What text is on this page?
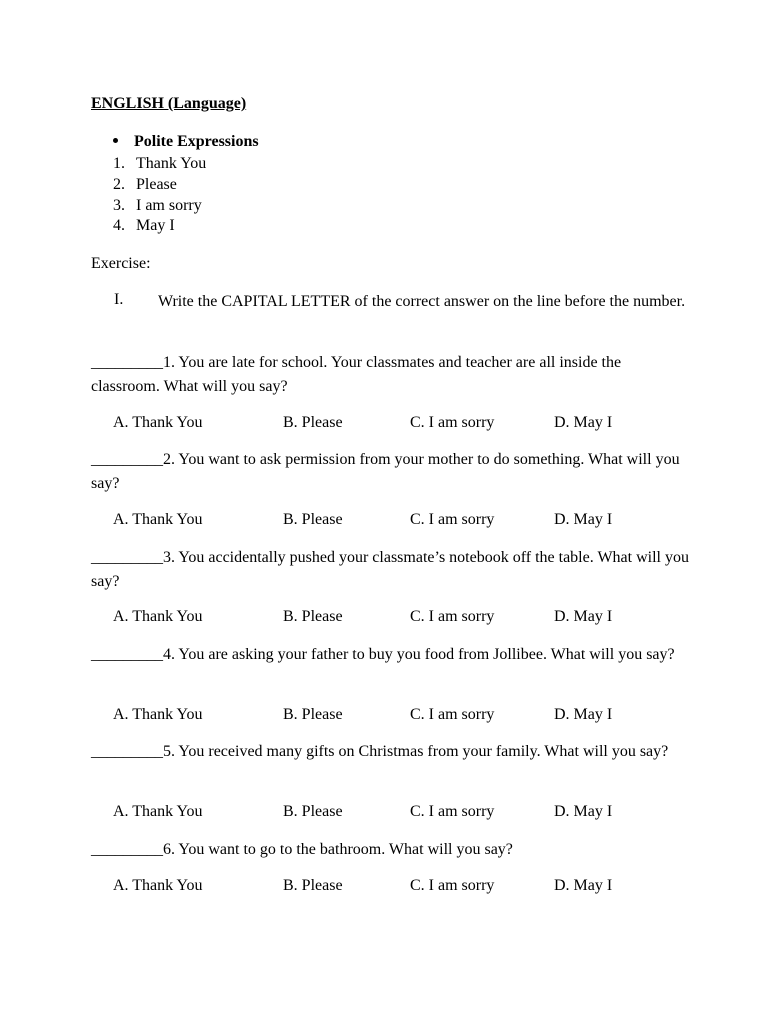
ENGLISH (Language)
Polite Expressions
1. Thank You
2. Please
3. I am sorry
4. May I
Exercise:
I. Write the CAPITAL LETTER of the correct answer on the line before the number.
_________1. You are late for school. Your classmates and teacher are all inside the classroom. What will you say?
A. Thank You	B. Please	C. I am sorry	D. May I
_________2. You want to ask permission from your mother to do something. What will you say?
A. Thank You	B. Please	C. I am sorry	D. May I
_________3. You accidentally pushed your classmate’s notebook off the table. What will you say?
A. Thank You	B. Please	C. I am sorry	D. May I
_________4. You are asking your father to buy you food from Jollibee. What will you say?
A. Thank You	B. Please	C. I am sorry	D. May I
_________5. You received many gifts on Christmas from your family. What will you say?
A. Thank You	B. Please	C. I am sorry	D. May I
_________6. You want to go to the bathroom. What will you say?
A. Thank You	B. Please	C. I am sorry	D. May I
